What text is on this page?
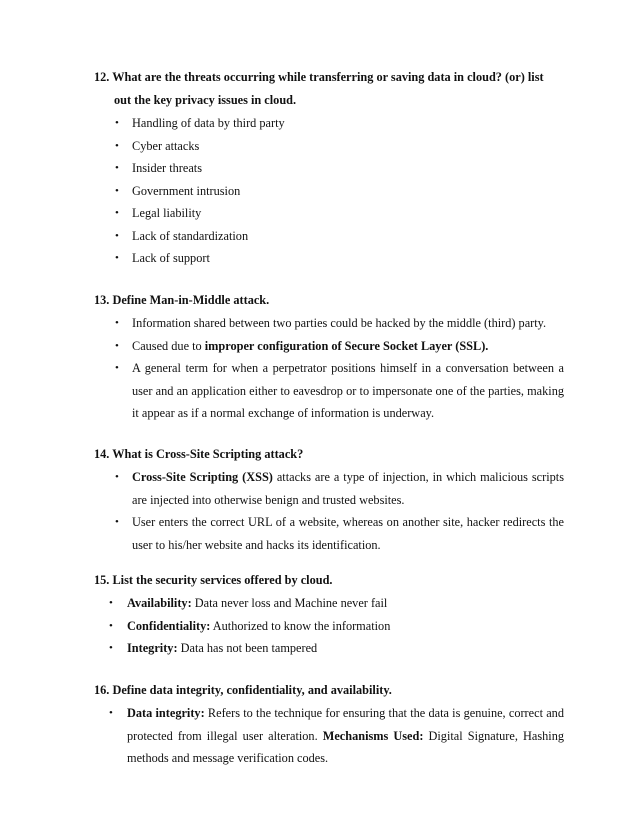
12. What are the threats occurring while transferring or saving data in cloud? (or) list
out the key privacy issues in cloud.

• Handling of data by third party
• Cyber attacks
• Insider threats
• Government intrusion
• Legal liability
• Lack of standardization
• Lack of support

13. Define Man-in-Middle attack.

• Information shared between two parties could be hacked by the middle (third) party.
• Caused due to improper configuration of Secure Socket Layer (SSL).
• A general term for when a perpetrator positions himself in a conversation between a user and an application either to eavesdrop or to impersonate one of the parties, making it appear as if a normal exchange of information is underway.

14. What is Cross-Site Scripting attack?

• Cross-Site Scripting (XSS) attacks are a type of injection, in which malicious scripts are injected into otherwise benign and trusted websites.
• User enters the correct URL of a website, whereas on another site, hacker redirects the user to his/her website and hacks its identification.

15. List the security services offered by cloud.

• Availability: Data never loss and Machine never fail
• Confidentiality: Authorized to know the information
• Integrity: Data has not been tampered

16. Define data integrity, confidentiality, and availability.

• Data integrity: Refers to the technique for ensuring that the data is genuine, correct and protected from illegal user alteration. Mechanisms Used: Digital Signature, Hashing methods and message verification codes.
